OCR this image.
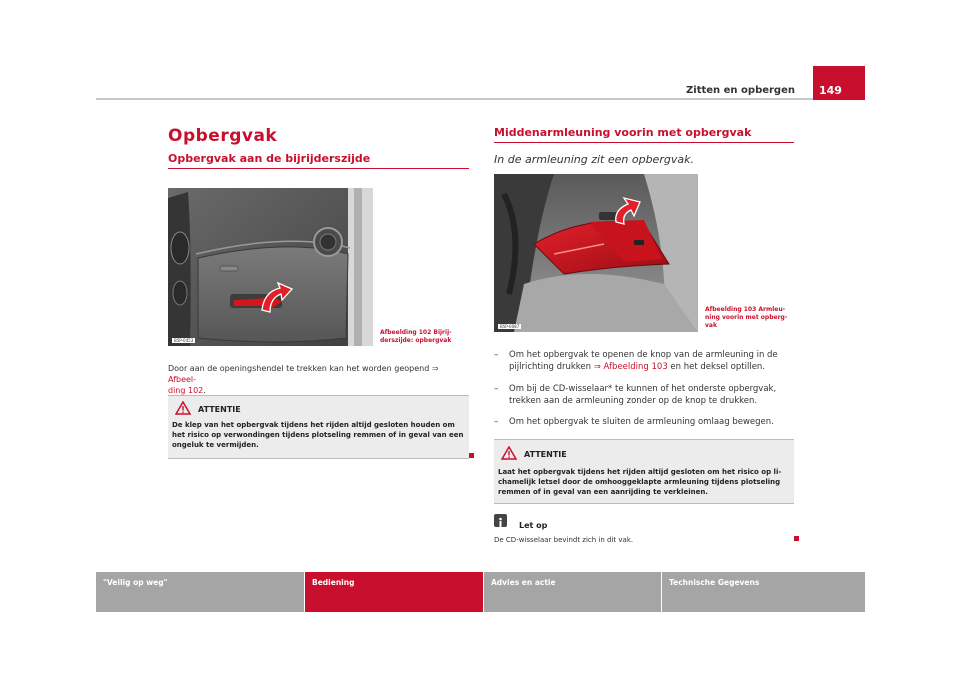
Zitten en opbergen 149
Opbergvak
Opbergvak aan de bijrijderszijde
B5P-0453
Afbeelding 102 Bijrij-
derszijde: opbergvak
Door aan de openingshendel te trekken kan het worden geopend ⇒ Afbeel-
ding 102.
ATTENTIE
De klep van het opbergvak tijdens het rijden altijd gesloten houden om
het risico op verwondingen tijdens plotseling remmen of in geval van een
ongeluk te vermijden.
Middenarmleuning voorin met opbergvak
In de armleuning zit een opbergvak.
B5P-0087
Afbeelding 103 Armleu-
ning voorin met opberg-
vak
– Om het opbergvak te openen de knop van de armleuning in de
pijlrichting drukken ⇒ Afbeelding 103 en het deksel optillen.
– Om bij de CD-wisselaar* te kunnen of het onderste opbergvak,
trekken aan de armleuning zonder op de knop te drukken.
– Om het opbergvak te sluiten de armleuning omlaag bewegen.
ATTENTIE
Laat het opbergvak tijdens het rijden altijd gesloten om het risico op li-
chamelijk letsel door de omhooggeklapte armleuning tijdens plotseling
remmen of in geval van een aanrijding te verkleinen.
Let op
De CD-wisselaar bevindt zich in dit vak.
"Veilig op weg"	Bediening	Advies en actie	Technische Gegevens
